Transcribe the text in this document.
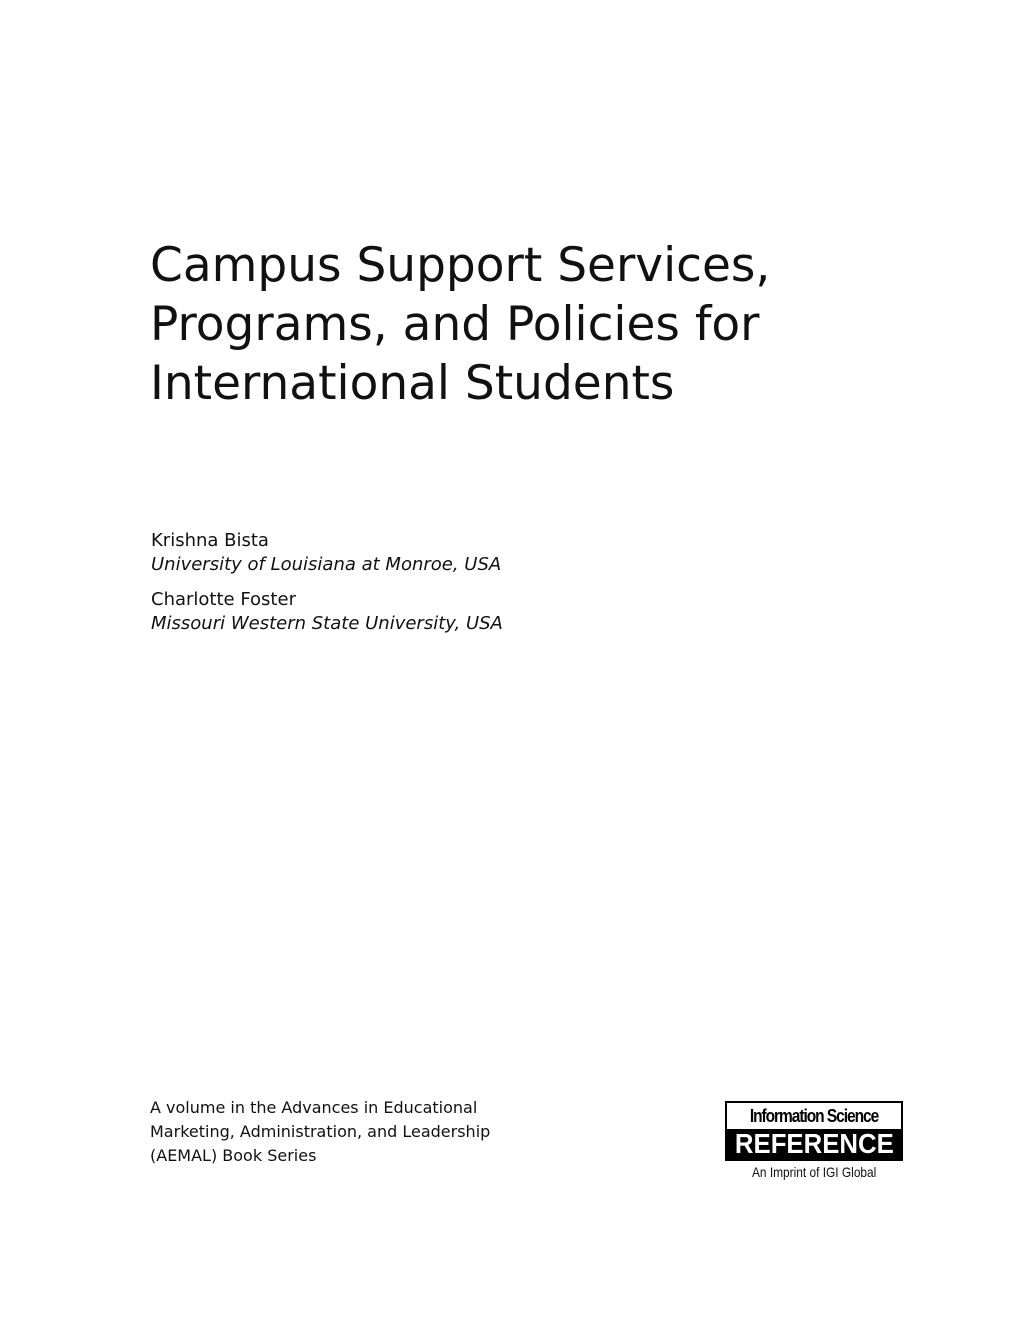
Campus Support Services,
Programs, and Policies for
International Students
Krishna Bista
University of Louisiana at Monroe, USA
Charlotte Foster
Missouri Western State University, USA
A volume in the Advances in Educational
Marketing, Administration, and Leadership
(AEMAL) Book Series
Information Science
REFERENCE
An Imprint of IGI Global
